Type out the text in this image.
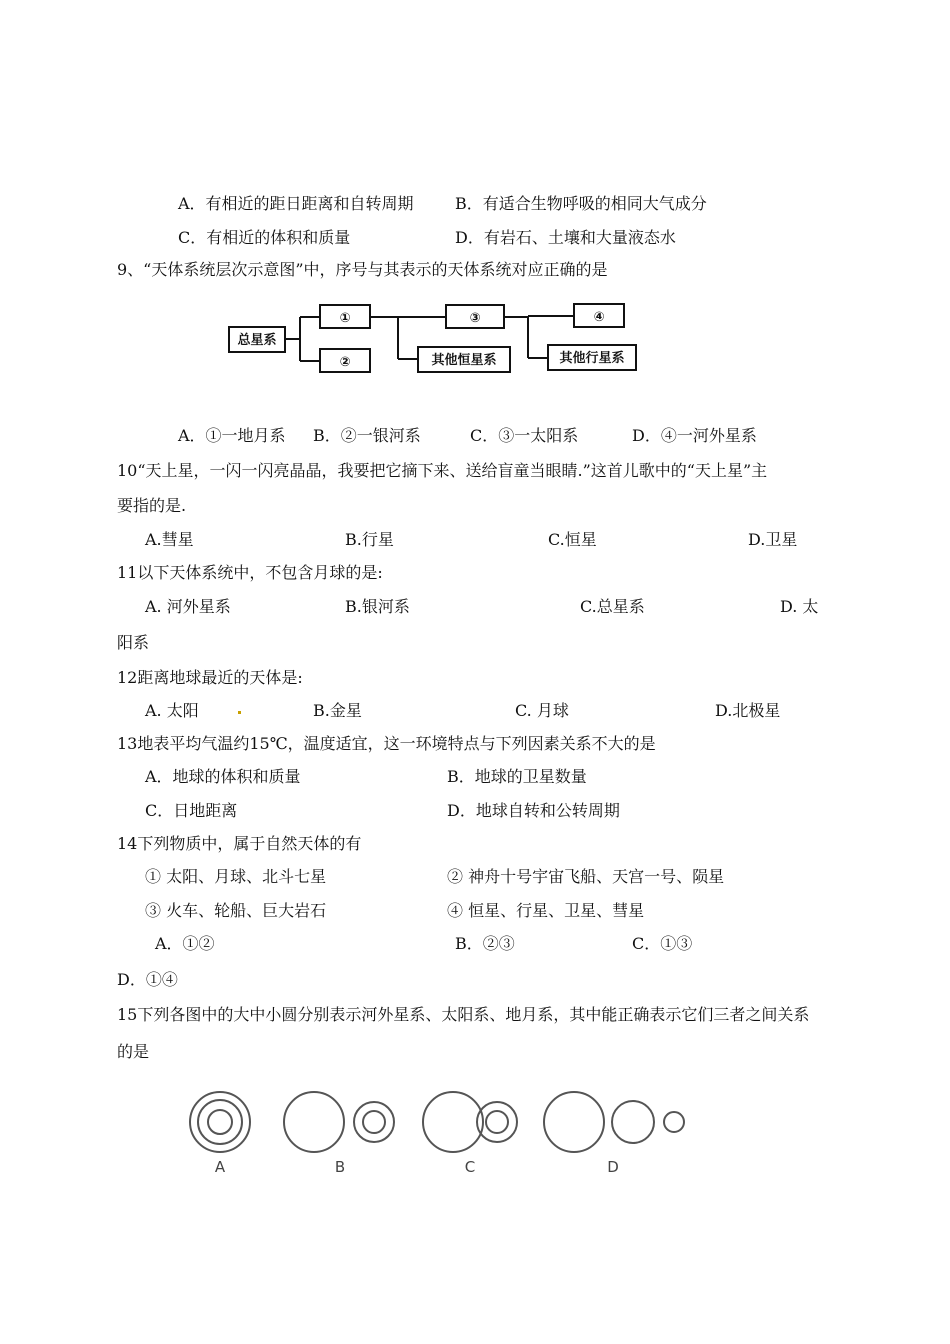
A．有相近的距日距离和自转周期	B．有适合生物呼吸的相同大气成分
C．有相近的体积和质量	D．有岩石、土壤和大量液态水
9、“天体系统层次示意图”中，序号与其表示的天体系统对应正确的是
总星系
①
②
③	④
其他恒星系	其他行星系
A．①一地月系 B．②一银河系	C．③一太阳系	D．④一河外星系
10“天上星，一闪一闪亮晶晶，我要把它摘下来、送给盲童当眼睛.”这首儿歌中的“天上星”主
要指的是.
A.彗星	B.行星	C.恒星	D.卫星
11以下天体系统中，不包含月球的是:
A. 河外星系	B.银河系	C.总星系	D. 太
阳系
12距离地球最近的天体是:
A. 太阳	B.金星	C. 月球	D.北极星
13地表平均气温约15℃，温度适宜，这一环境特点与下列因素关系不大的是
A．地球的体积和质量	B．地球的卫星数量
C．日地距离	D．地球自转和公转周期
14下列物质中，属于自然天体的有
① 太阳、月球、北斗七星	② 神舟十号宇宙飞船、天宫一号、陨星
③ 火车、轮船、巨大岩石	④ 恒星、行星、卫星、彗星
A．①②	B．②③	C．①③
D．①④
15下列各图中的大中小圆分别表示河外星系、太阳系、地月系，其中能正确表示它们三者之间关系
的是
A	B	C	D
